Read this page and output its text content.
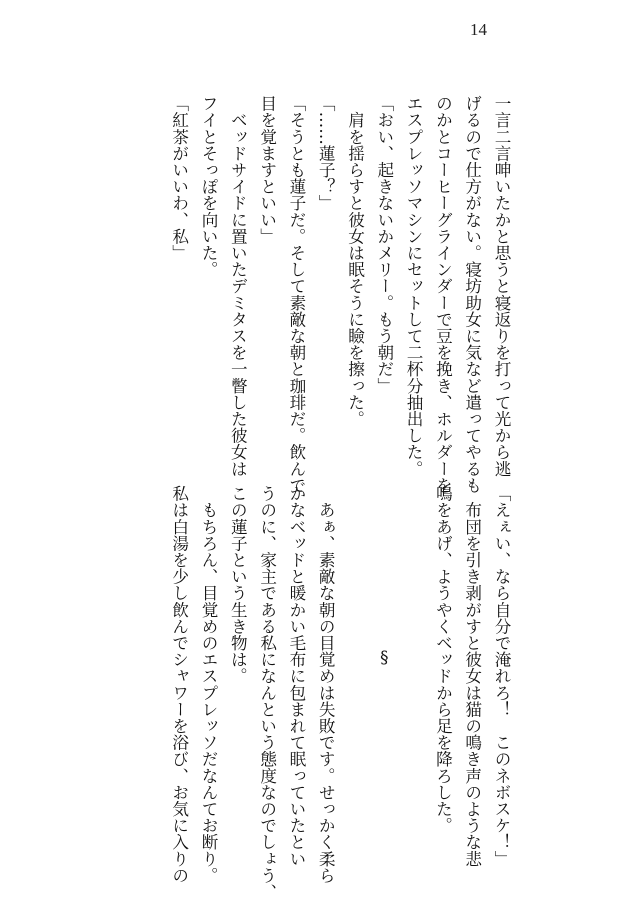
14
一言二言呻いたかと思うと寝返りを打って光から逃
げるので仕方がない。寝坊助女に気など遣ってやるも
のかとコーヒーグラインダーで豆を挽き、ホルダーを
エスプレッソマシンにセットして二杯分抽出した。
「おい、起きないかメリー。もう朝だ」
　肩を揺らすと彼女は眠そうに瞼を擦った。
「……蓮子？」
「そうとも蓮子だ。そして素敵な朝と珈琲だ。飲んで
目を覚ますといい」
　ベッドサイドに置いたデミタスを一瞥した彼女は
フイとそっぽを向いた。
「紅茶がいいわ、私」
「えぇい、なら自分で淹れろ！　このネボスケ！」
　布団を引き剥がすと彼女は猫の鳴き声のような悲
鳴をあげ、ようやくベッドから足を降ろした。

§

　あぁ、素敵な朝の目覚めは失敗です。せっかく柔ら
かなベッドと暖かい毛布に包まれて眠っていたとい
うのに、家主である私になんという態度なのでしょう、
この蓮子という生き物は。
　もちろん、目覚めのエスプレッソだなんてお断り。
私は白湯を少し飲んでシャワーを浴び、お気に入りの
